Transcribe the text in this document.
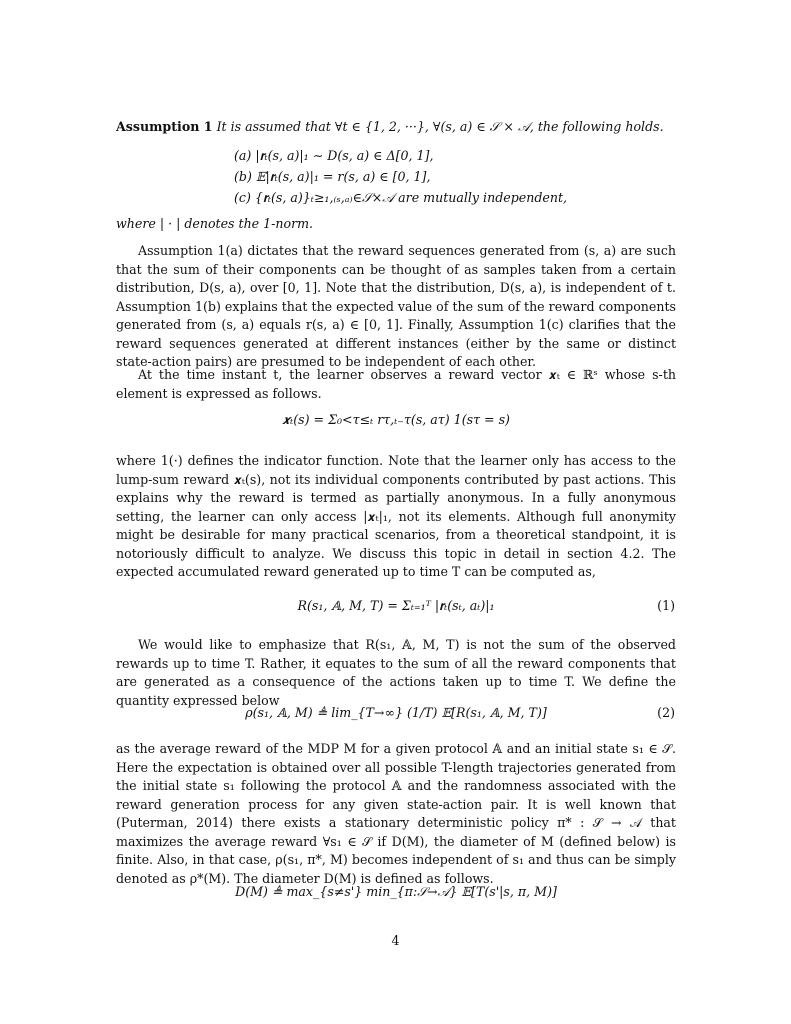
Assumption 1 It is assumed that ∀t ∈ {1, 2, ···}, ∀(s, a) ∈ 𝒮 × 𝒜, the following holds.
(a) |𝐫ₜ(s, a)|₁ ∼ D(s, a) ∈ Δ[0, 1],
(b) 𝔼|𝐫ₜ(s, a)|₁ = r(s, a) ∈ [0, 1],
(c) {𝐫ₜ(s, a)}ₜ≥₁,₍ₛ,ₐ₎∈𝒮×𝒜 are mutually independent,
where | · | denotes the 1-norm.
Assumption 1(a) dictates that the reward sequences generated from (s, a) are such that the sum of their components can be thought of as samples taken from a certain distribution, D(s, a), over [0, 1]. Note that the distribution, D(s, a), is independent of t. Assumption 1(b) explains that the expected value of the sum of the reward components generated from (s, a) equals r(s, a) ∈ [0, 1]. Finally, Assumption 1(c) clarifies that the reward sequences generated at different instances (either by the same or distinct state-action pairs) are presumed to be independent of each other.
At the time instant t, the learner observes a reward vector 𝒙ₜ ∈ ℝˢ whose s-th element is expressed as follows.
𝒙ₜ(s) = Σ₀<τ≤ₜ rτ,ₜ₋τ(s, aτ) 1(sτ = s)
where 1(·) defines the indicator function. Note that the learner only has access to the lump-sum reward 𝒙ₜ(s), not its individual components contributed by past actions. This explains why the reward is termed as partially anonymous. In a fully anonymous setting, the learner can only access |𝒙ₜ|₁, not its elements. Although full anonymity might be desirable for many practical scenarios, from a theoretical standpoint, it is notoriously difficult to analyze. We discuss this topic in detail in section 4.2. The expected accumulated reward generated up to time T can be computed as,
R(s₁, 𝔸, M, T) = Σₜ₌₁ᵀ |𝐫ₜ(sₜ, aₜ)|₁	(1)
We would like to emphasize that R(s₁, 𝔸, M, T) is not the sum of the observed rewards up to time T. Rather, it equates to the sum of all the reward components that are generated as a consequence of the actions taken up to time T. We define the quantity expressed below
ρ(s₁, 𝔸, M) ≜ lim_{T→∞} (1/T) 𝔼[R(s₁, 𝔸, M, T)]	(2)
as the average reward of the MDP M for a given protocol 𝔸 and an initial state s₁ ∈ 𝒮. Here the expectation is obtained over all possible T-length trajectories generated from the initial state s₁ following the protocol 𝔸 and the randomness associated with the reward generation process for any given state-action pair. It is well known that (Puterman, 2014) there exists a stationary deterministic policy π* : 𝒮 → 𝒜 that maximizes the average reward ∀s₁ ∈ 𝒮 if D(M), the diameter of M (defined below) is finite. Also, in that case, ρ(s₁, π*, M) becomes independent of s₁ and thus can be simply denoted as ρ*(M). The diameter D(M) is defined as follows.
D(M) ≜ max_{s≠s'} min_{π:𝒮→𝒜} 𝔼[T(s'|s, π, M)]
4
